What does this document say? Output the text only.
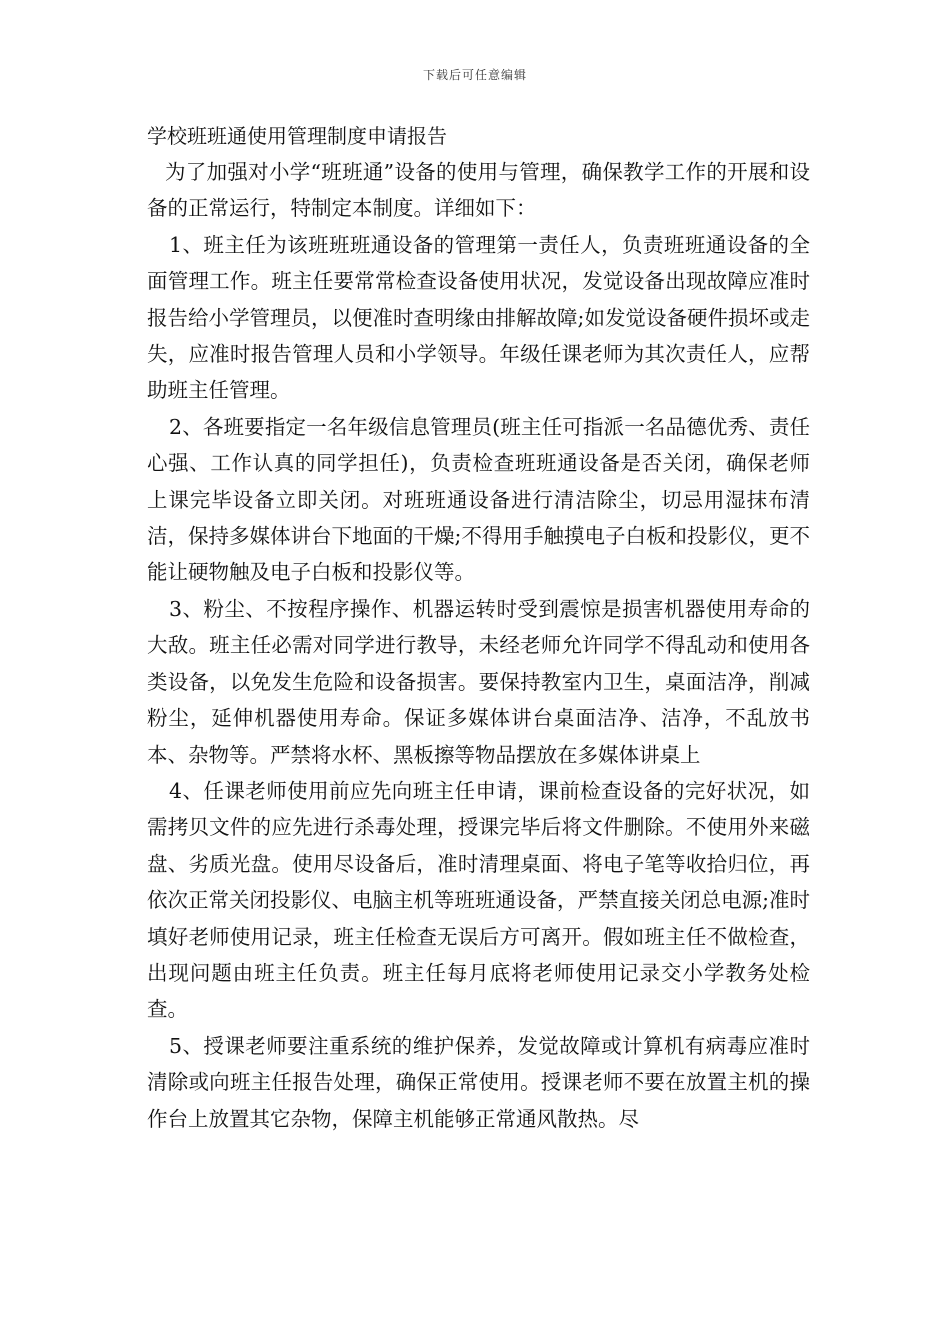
下载后可任意编辑

学校班班通使用管理制度申请报告

为了加强对小学“班班通”设备的使用与管理，确保教学工作的开展和设备的正常运行，特制定本制度。详细如下：

1、班主任为该班班班通设备的管理第一责任人，负责班班通设备的全面管理工作。班主任要常常检查设备使用状况，发觉设备出现故障应准时报告给小学管理员，以便准时查明缘由排解故障;如发觉设备硬件损坏或走失，应准时报告管理人员和小学领导。年级任课老师为其次责任人，应帮助班主任管理。

2、各班要指定一名年级信息管理员(班主任可指派一名品德优秀、责任心强、工作认真的同学担任)，负责检查班班通设备是否关闭，确保老师上课完毕设备立即关闭。对班班通设备进行清洁除尘，切忌用湿抹布清洁，保持多媒体讲台下地面的干燥;不得用手触摸电子白板和投影仪，更不能让硬物触及电子白板和投影仪等。

3、粉尘、不按程序操作、机器运转时受到震惊是损害机器使用寿命的大敌。班主任必需对同学进行教导，未经老师允许同学不得乱动和使用各类设备，以免发生危险和设备损害。要保持教室内卫生，桌面洁净，削减粉尘，延伸机器使用寿命。保证多媒体讲台桌面洁净、洁净，不乱放书本、杂物等。严禁将水杯、黑板擦等物品摆放在多媒体讲桌上

4、任课老师使用前应先向班主任申请，课前检查设备的完好状况，如需拷贝文件的应先进行杀毒处理，授课完毕后将文件删除。不使用外来磁盘、劣质光盘。使用尽设备后，准时清理桌面、将电子笔等收拾归位，再依次正常关闭投影仪、电脑主机等班班通设备，严禁直接关闭总电源;准时填好老师使用记录，班主任检查无误后方可离开。假如班主任不做检查，出现问题由班主任负责。班主任每月底将老师使用记录交小学教务处检查。

5、授课老师要注重系统的维护保养，发觉故障或计算机有病毒应准时清除或向班主任报告处理，确保正常使用。授课老师不要在放置主机的操作台上放置其它杂物，保障主机能够正常通风散热。尽
